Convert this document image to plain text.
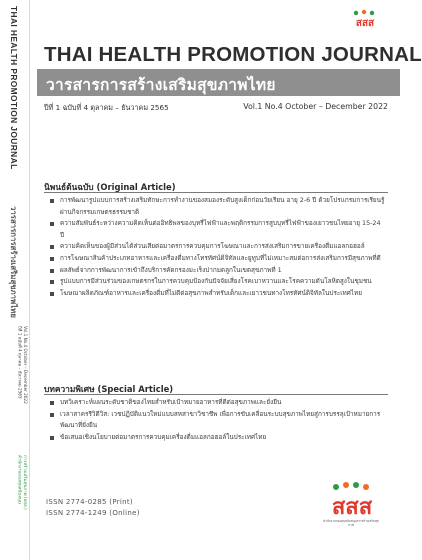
THAI HEALTH PROMOTION JOURNAL
วารสารการสร้างเสริมสุขภาพไทย
ปีที่ 1 ฉบับที่ 4 ตุลาคม – ธันวาคม 2565 Vol.1 No.4 October – December 2022
สำนักงานกองทุนสนับสนุน การสร้างเสริมสุขภาพ (สสส.)
สสส
THAI HEALTH PROMOTION JOURNAL
วารสารการสร้างเสริมสุขภาพไทย
ปีที่ 1 ฉบับที่ 4 ตุลาคม – ธันวาคม 2565	Vol.1 No.4 October – December 2022
นิพนธ์ต้นฉบับ (Original Article)
การพัฒนารูปแบบการสร้างเสริมทักษะการทำงานของสมองระดับสูงเด็กก่อนวัยเรียน อายุ 2-6 ปี ด้วยโปรแกรมการเรียนรู้ผ่านกิจกรรมเกษตรธรรมชาติ
ความสัมพันธ์ระหว่างความคิดเห็นต่ออิทธิพลของบุหรี่ไฟฟ้าและพฤติกรรมการสูบบุหรี่ไฟฟ้าของเยาวชนไทยอายุ 15-24 ปี
ความคิดเห็นของผู้มีส่วนได้ส่วนเสียต่อมาตรการควบคุมการโฆษณาและการส่งเสริมการขายเครื่องดื่มแอลกอฮอล์
การโฆษณาสินค้าประเภทอาหารและเครื่องดื่มทางโทรทัศน์ดิจิทัลและยูทูบที่ไม่เหมาะสมต่อการส่งเสริมการมีสุขภาพที่ดี
ผลลัพธ์จากการพัฒนาการเข้าถึงบริการคัดกรองมะเร็งปากมดลูกในเขตสุขภาพที่ 1
รูปแบบการมีส่วนร่วมของเกษตรกรในการควบคุมป้องกันปัจจัยเสี่ยงโรคเบาหวานและโรคความดันโลหิตสูงในชุมชน
โฆษณาผลิตภัณฑ์อาหารและเครื่องดื่มที่ไม่ดีต่อสุขภาพสำหรับเด็กและเยาวชนทางโทรทัศน์ดิจิทัลในประเทศไทย
บทความพิเศษ (Special Article)
บทวิเคราะห์แผนระดับชาติของไทยสำหรับเป้าหมายอาหารที่ดีต่อสุขภาพและยั่งยืน
เวลาสาครรีวิดีวิส: เวชปฏิบัติแนวใหม่แบบสหสาขาวิชาชีพ เพื่อการขับเคลื่อนระบบสุขภาพไทยสู่การบรรลุเป้าหมายการพัฒนาที่ยั่งยืน
ข้อเสนอเชิงนโยบายต่อมาตรการควบคุมเครื่องดื่มแอลกอฮอล์ในประเทศไทย
ISSN 2774-0285 (Print)
ISSN 2774-1249 (Online)	สสส
สำนักงานกองทุนสนับสนุนการสร้างเสริมสุขภาพ
